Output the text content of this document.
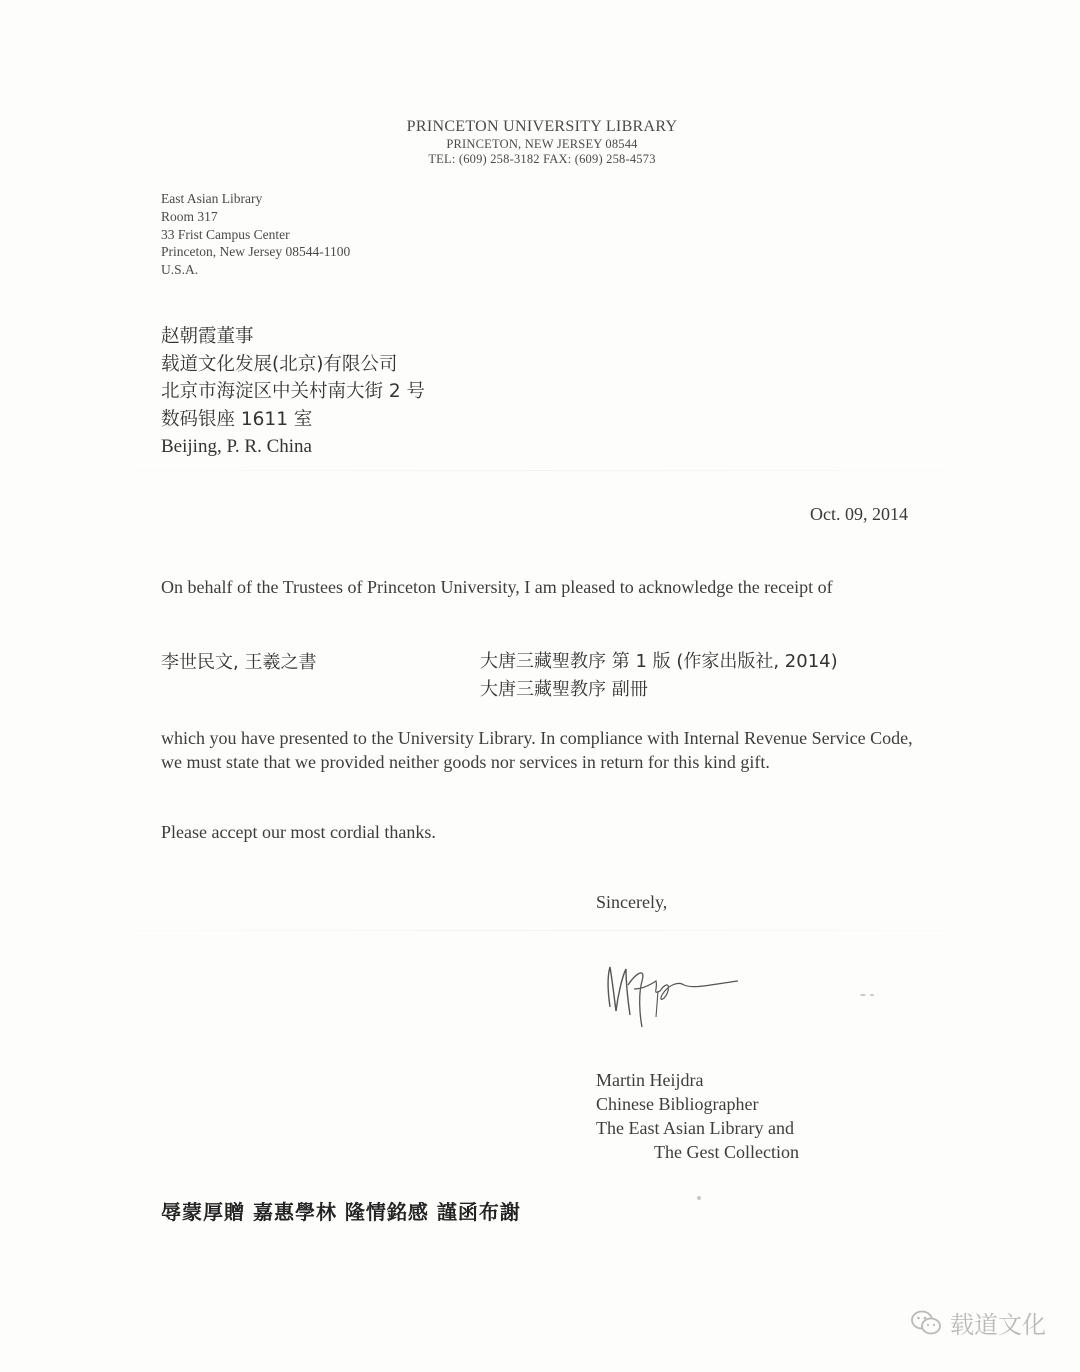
PRINCETON UNIVERSITY LIBRARY
PRINCETON, NEW JERSEY 08544
TEL: (609) 258-3182 FAX: (609) 258-4573
East Asian Library
Room 317
33 Frist Campus Center
Princeton, New Jersey 08544-1100
U.S.A.
赵朝霞董事
载道文化发展(北京)有限公司
北京市海淀区中关村南大街 2 号
数码银座 1611 室
Beijing, P. R. China
Oct. 09, 2014
On behalf of the Trustees of Princeton University, I am pleased to acknowledge the receipt of
李世民文, 王羲之書	大唐三藏聖教序 第 1 版 (作家出版社, 2014)
大唐三藏聖教序 副冊
which you have presented to the University Library. In compliance with Internal Revenue Service Code, we must state that we provided neither goods nor services in return for this kind gift.
Please accept our most cordial thanks.
Sincerely,
Martin Heijdra
Chinese Bibliographer
The East Asian Library and
The Gest Collection
辱蒙厚贈 嘉惠學林 隆情銘感 謹函布謝
载道文化
